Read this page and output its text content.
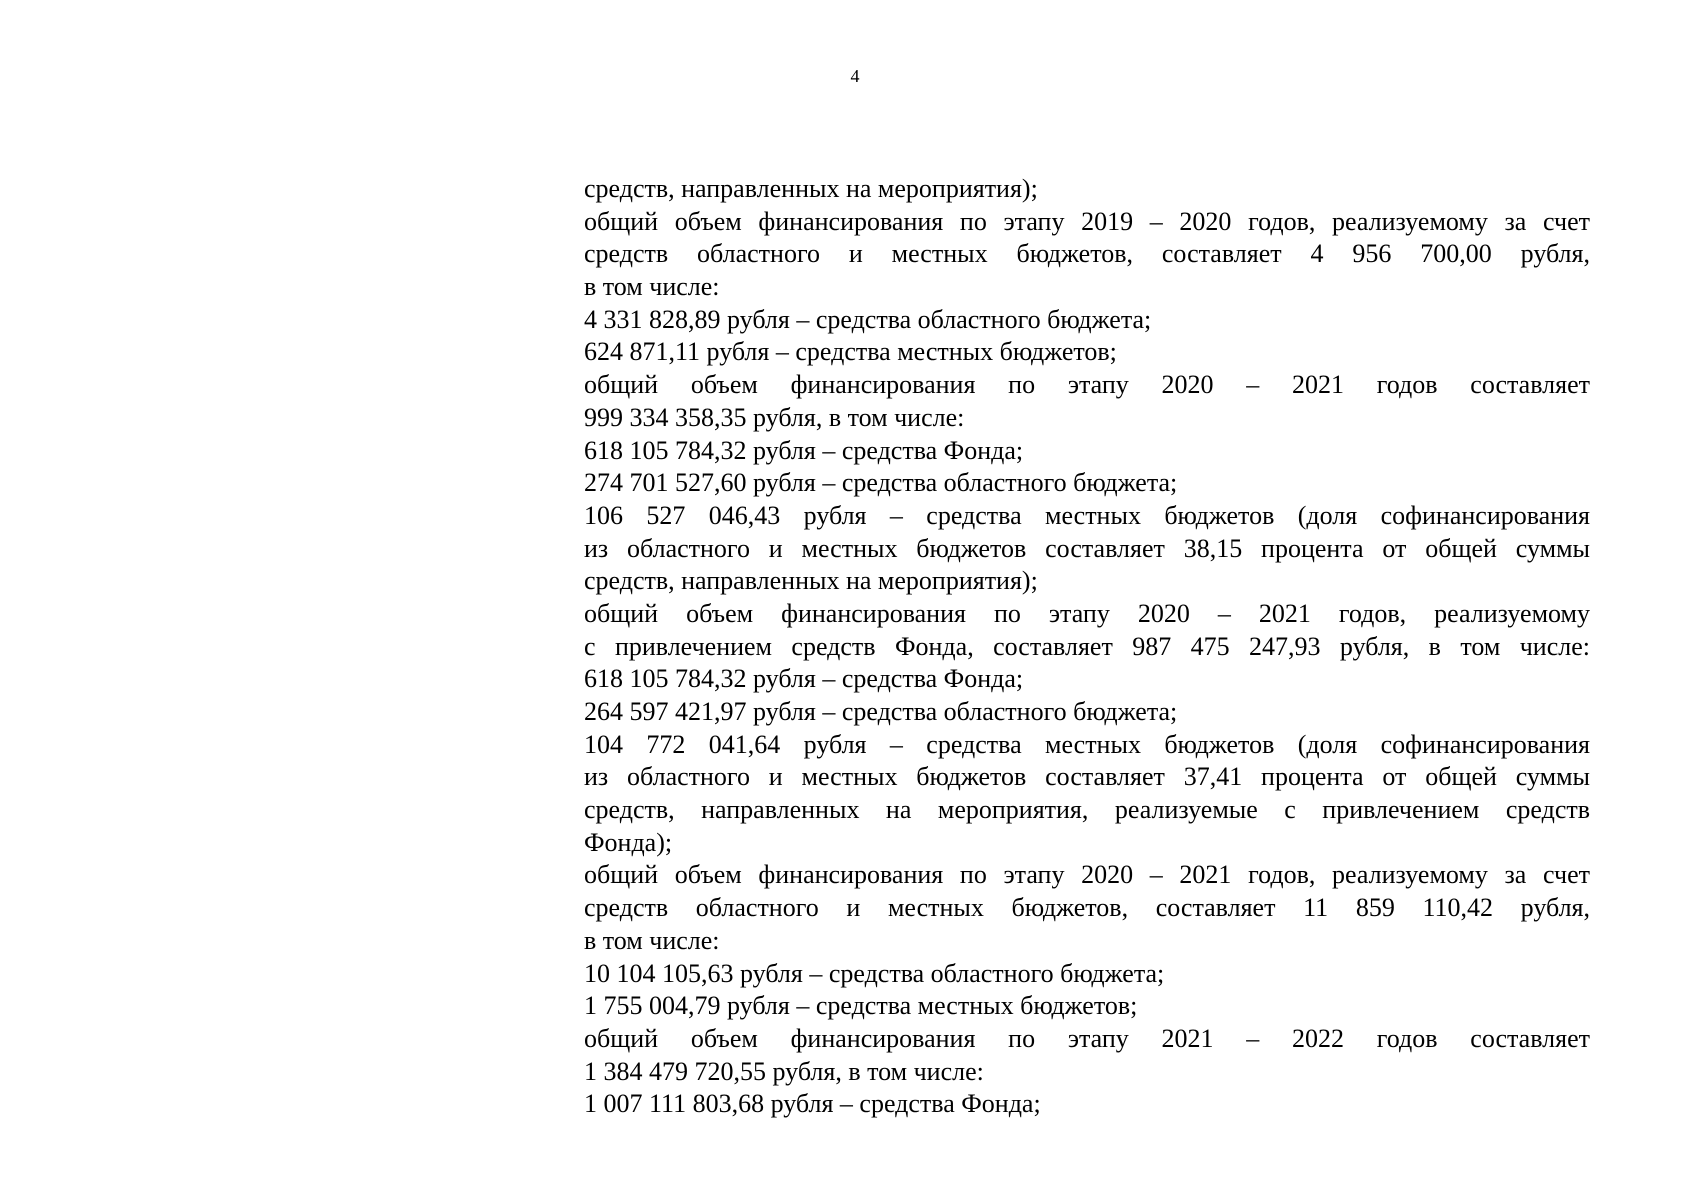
4

средств, направленных на мероприятия);

общий объем финансирования по этапу 2019 – 2020 годов, реализуемому за счет

средств областного и местных бюджетов, составляет 4 956 700,00 рубля,

в том числе:

4 331 828,89 рубля – средства областного бюджета;

624 871,11 рубля – средства местных бюджетов;

общий объем финансирования по этапу 2020 – 2021 годов составляет

999 334 358,35 рубля, в том числе:

618 105 784,32 рубля – средства Фонда;

274 701 527,60 рубля – средства областного бюджета;

106 527 046,43 рубля – средства местных бюджетов (доля софинансирования

из областного и местных бюджетов составляет 38,15 процента от общей суммы

средств, направленных на мероприятия);

общий объем финансирования по этапу 2020 – 2021 годов, реализуемому

с привлечением средств Фонда, составляет 987 475 247,93 рубля, в том числе:

618 105 784,32 рубля – средства Фонда;

264 597 421,97 рубля – средства областного бюджета;

104 772 041,64 рубля – средства местных бюджетов (доля софинансирования

из областного и местных бюджетов составляет 37,41 процента от общей суммы

средств, направленных на мероприятия, реализуемые с привлечением средств

Фонда);

общий объем финансирования по этапу 2020 – 2021 годов, реализуемому за счет

средств областного и местных бюджетов, составляет 11 859 110,42 рубля,

в том числе:

10 104 105,63 рубля – средства областного бюджета;

1 755 004,79 рубля – средства местных бюджетов;

общий объем финансирования по этапу 2021 – 2022 годов составляет

1 384 479 720,55 рубля, в том числе:

1 007 111 803,68 рубля – средства Фонда;
